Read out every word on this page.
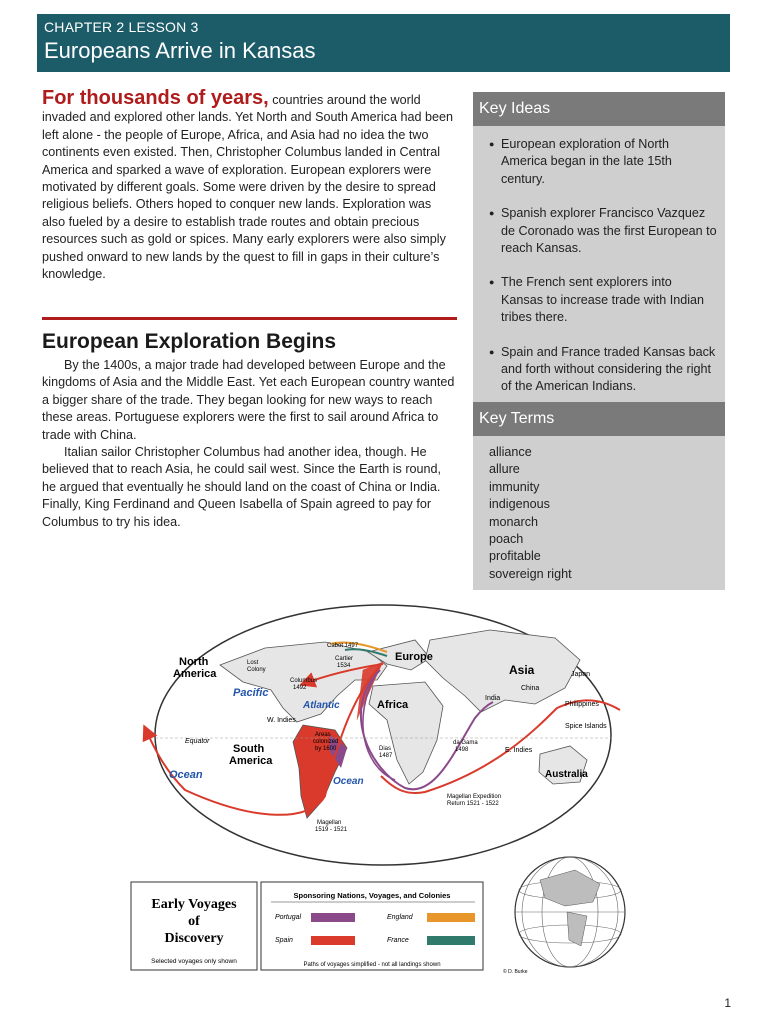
CHAPTER 2 LESSON 3
Europeans Arrive in Kansas

For thousands of years, countries around the world invaded and explored other lands. Yet North and South America had been left alone - the people of Europe, Africa, and Asia had no idea the two continents even existed. Then, Christopher Columbus landed in Central America and sparked a wave of exploration. European explorers were motivated by different goals. Some were driven by the desire to spread religious beliefs. Others hoped to conquer new lands. Exploration was also fueled by a desire to establish trade routes and obtain precious resources such as gold or spices. Many early explorers were also simply pushed onward to new lands by the quest to fill in gaps in their culture’s knowledge.

European Exploration Begins

By the 1400s, a major trade had developed between Europe and the kingdoms of Asia and the Middle East. Yet each European country wanted a bigger share of the trade. They began looking for new ways to reach these areas. Portuguese explorers were the first to sail around Africa to trade with China.

Italian sailor Christopher Columbus had another idea, though. He believed that to reach Asia, he could sail west. Since the Earth is round, he argued that eventually he should land on the coast of China or India. Finally, King Ferdinand and Queen Isabella of Spain agreed to pay for Columbus to try his idea.

Key Ideas
● European exploration of North America began in the late 15th century.
● Spanish explorer Francisco Vazquez de Coronado was the first European to reach Kansas.
● The French sent explorers into Kansas to increase trade with Indian tribes there.
● Spain and France traded Kansas back and forth without considering the right of the American Indians.
Key Terms
alliance
allure
immunity
indigenous
monarch
poach
profitable
sovereign right
North America
Pacific
Ocean
Atlantic
Ocean
South America
Europe
Africa
Asia
Australia
Equator
Lost Colony
W. Indies
India
China
Japan
Philippines
Spice Islands
E. Indies
Cabot 1497
Cartier 1534
Columbus 1492
Dias 1487
da Gama 1498
Magellan 1519 - 1521
Magellan Expedition Return 1521 - 1522
Areas colonized by 1600
Early Voyages of Discovery
Selected voyages only shown
Sponsoring Nations, Voyages, and Colonies
Portugal	England
Spain	France
Paths of voyages simplified - not all landings shown
© D. Burke
1
